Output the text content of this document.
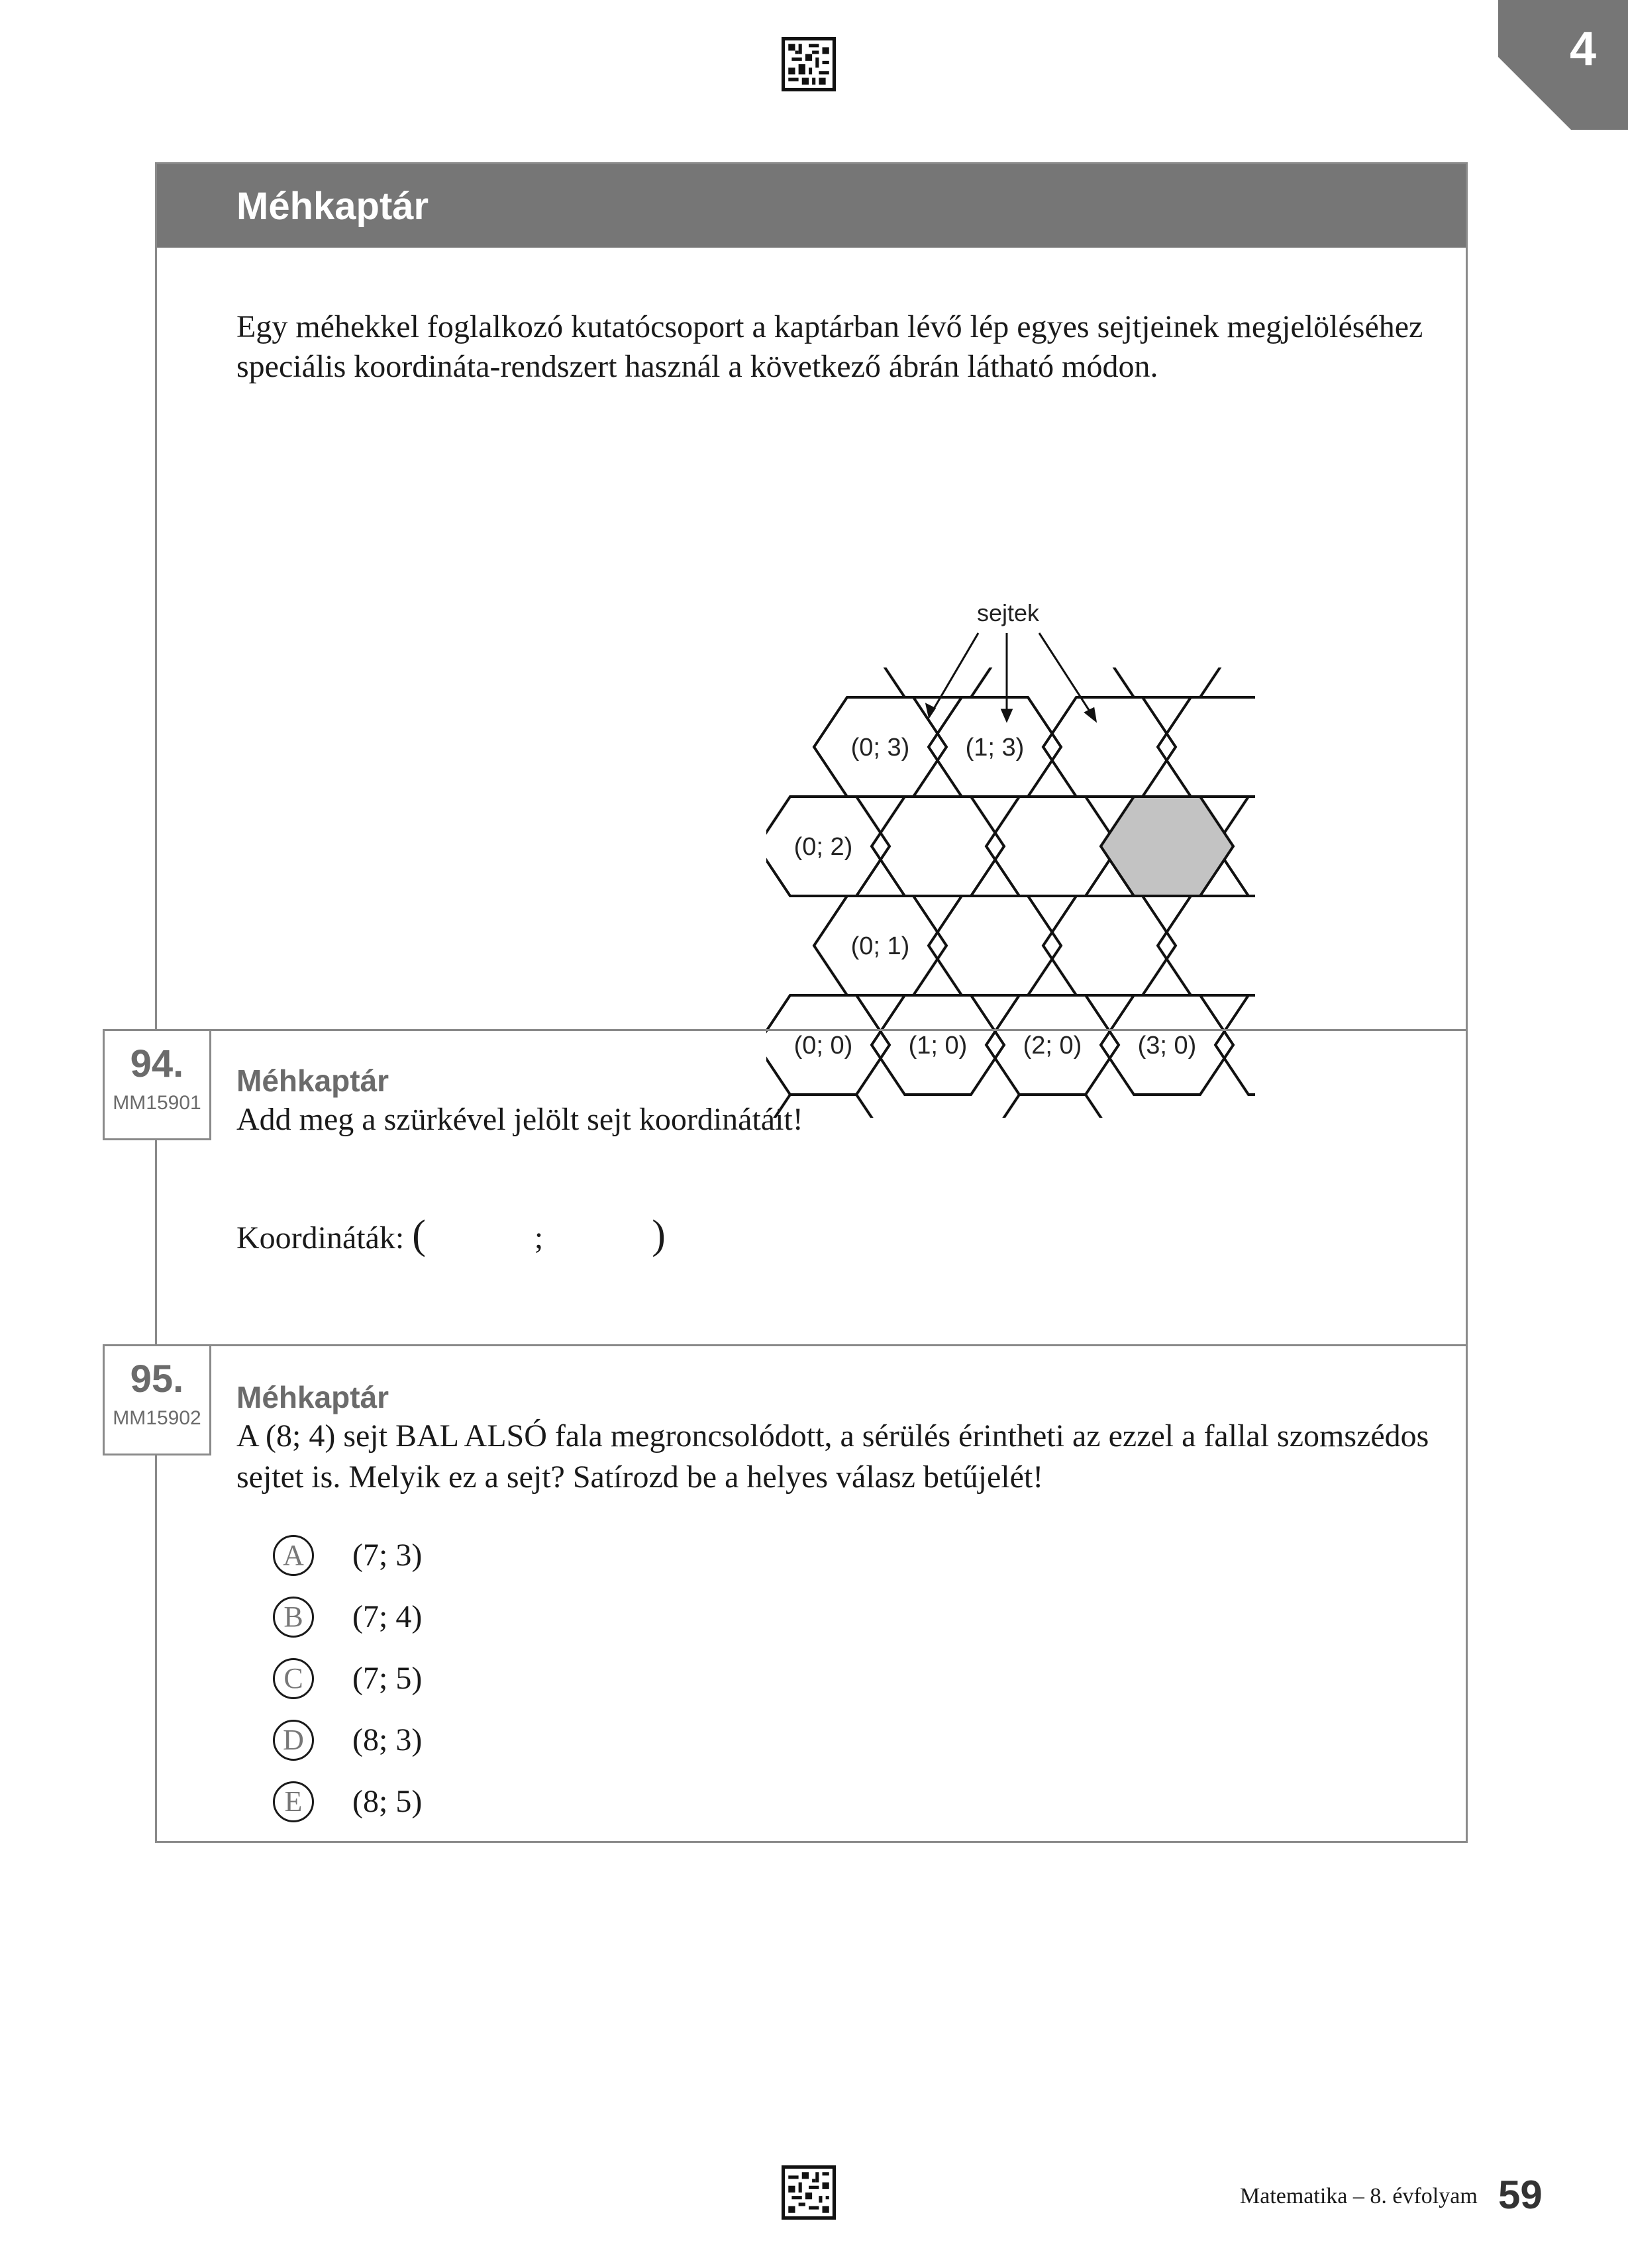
4
Méhkaptár
Egy méhekkel foglalkozó kutatócsoport a kaptárban lévő lép egyes sejtjeinek megjelöléséhez speciális koordináta-rendszert használ a következő ábrán látható módon.
(0; 3) (1; 3)
(0; 2)
(0; 1)
(0; 0) (1; 0) (2; 0) (3; 0)
sejtek
94.
MM15901
Méhkaptár
Add meg a szürkével jelölt sejt koordinátáit!
Koordináták: (	;	)
95.
MM15902
Méhkaptár
A (8; 4) sejt BAL ALSÓ fala megroncsolódott, a sérülés érintheti az ezzel a fallal szomszédos sejtet is. Melyik ez a sejt? Satírozd be a helyes válasz betűjelét!
A	(7; 3)
B	(7; 4)
C	(7; 5)
D	(8; 3)
E	(8; 5)
Matematika – 8. évfolyam 59
